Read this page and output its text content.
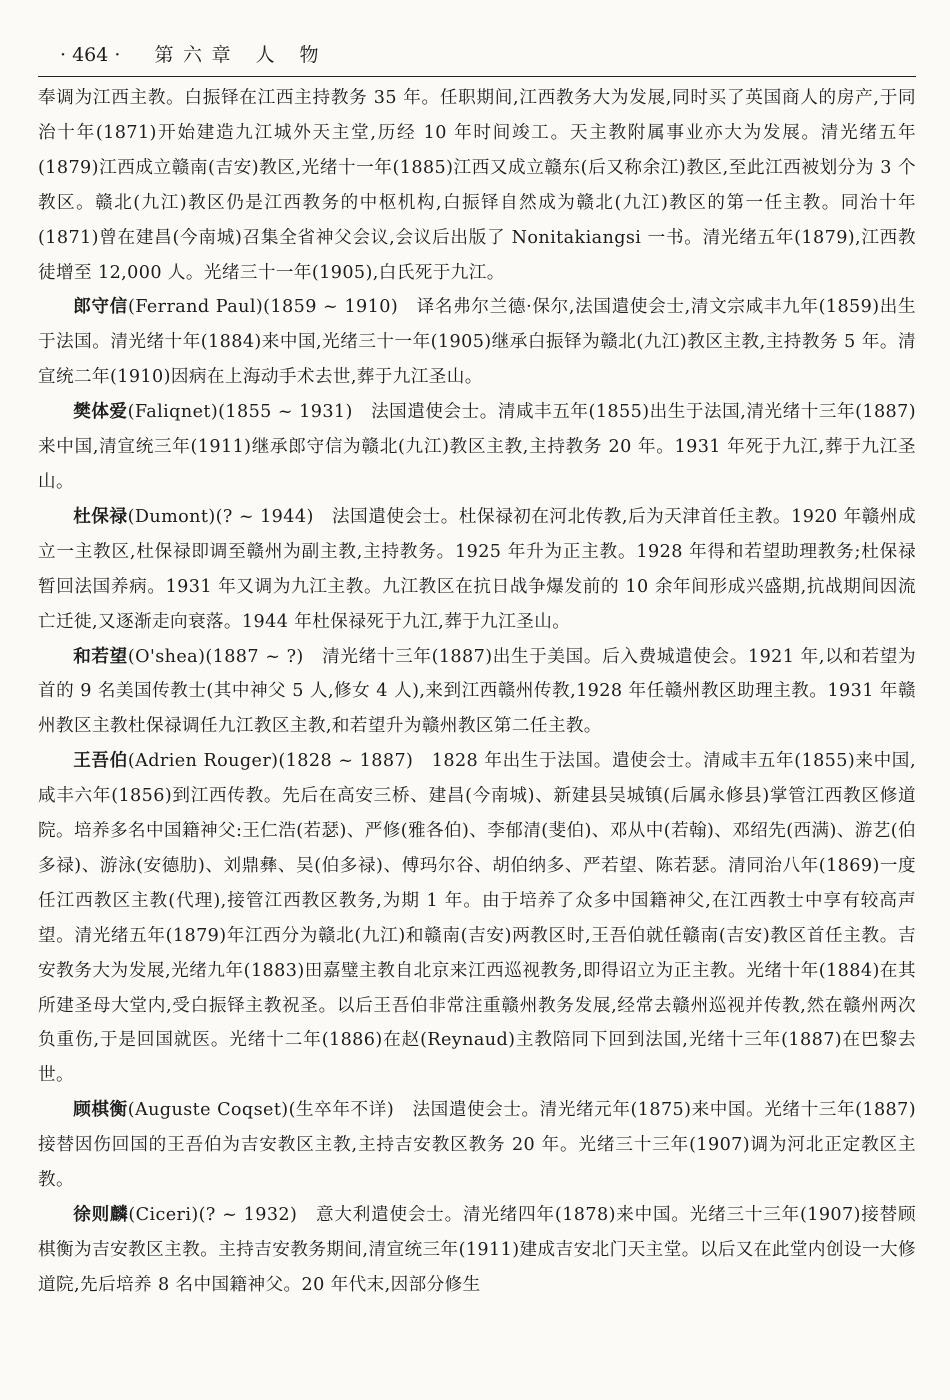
· 464 · 第六章 人 物

奉调为江西主教。白振铎在江西主持教务 35 年。任职期间,江西教务大为发展,同时买了英国商人的房产,于同治十年(1871)开始建造九江城外天主堂,历经 10 年时间竣工。天主教附属事业亦大为发展。清光绪五年(1879)江西成立赣南(吉安)教区,光绪十一年(1885)江西又成立赣东(后又称余江)教区,至此江西被划分为 3 个教区。赣北(九江)教区仍是江西教务的中枢机构,白振铎自然成为赣北(九江)教区的第一任主教。同治十年(1871)曾在建昌(今南城)召集全省神父会议,会议后出版了 Nonitakiangsi 一书。清光绪五年(1879),江西教徒增至 12,000 人。光绪三十一年(1905),白氏死于九江。

郎守信(Ferrand Paul)(1859 ~ 1910)　 译名弗尔兰德·保尔,法国遣使会士,清文宗咸丰九年(1859)出生于法国。清光绪十年(1884)来中国,光绪三十一年(1905)继承白振铎为赣北(九江)教区主教,主持教务 5 年。清宣统二年(1910)因病在上海动手术去世,葬于九江圣山。

樊体爱(Faliqnet)(1855 ~ 1931)　 法国遣使会士。清咸丰五年(1855)出生于法国,清光绪十三年(1887)来中国,清宣统三年(1911)继承郎守信为赣北(九江)教区主教,主持教务 20 年。1931 年死于九江,葬于九江圣山。

杜保禄(Dumont)(? ~ 1944)　 法国遣使会士。杜保禄初在河北传教,后为天津首任主教。1920 年赣州成立一主教区,杜保禄即调至赣州为副主教,主持教务。1925 年升为正主教。1928 年得和若望助理教务;杜保禄暂回法国养病。1931 年又调为九江主教。九江教区在抗日战争爆发前的 10 余年间形成兴盛期,抗战期间因流亡迁徙,又逐渐走向衰落。1944 年杜保禄死于九江,葬于九江圣山。

和若望(O'shea)(1887 ~ ?)　 清光绪十三年(1887)出生于美国。后入费城遣使会。1921 年,以和若望为首的 9 名美国传教士(其中神父 5 人,修女 4 人),来到江西赣州传教,1928 年任赣州教区助理主教。1931 年赣州教区主教杜保禄调任九江教区主教,和若望升为赣州教区第二任主教。

王吾伯(Adrien Rouger)(1828 ~ 1887)　 1828 年出生于法国。遣使会士。清咸丰五年(1855)来中国,咸丰六年(1856)到江西传教。先后在高安三桥、建昌(今南城)、新建县吴城镇(后属永修县)掌管江西教区修道院。培养多名中国籍神父:王仁浩(若瑟)、严修(雅各伯)、李郁清(斐伯)、邓从中(若翰)、邓绍先(西满)、游艺(伯多禄)、游泳(安德肋)、刘鼎彝、吴(伯多禄)、傅玛尔谷、胡伯纳多、严若望、陈若瑟。清同治八年(1869)一度任江西教区主教(代理),接管江西教区教务,为期 1 年。由于培养了众多中国籍神父,在江西教士中享有较高声望。清光绪五年(1879)年江西分为赣北(九江)和赣南(吉安)两教区时,王吾伯就任赣南(吉安)教区首任主教。吉安教务大为发展,光绪九年(1883)田嘉璧主教自北京来江西巡视教务,即得诏立为正主教。光绪十年(1884)在其所建圣母大堂内,受白振铎主教祝圣。以后王吾伯非常注重赣州教务发展,经常去赣州巡视并传教,然在赣州两次负重伤,于是回国就医。光绪十二年(1886)在赵(Reynaud)主教陪同下回到法国,光绪十三年(1887)在巴黎去世。

顾棋衡(Auguste Coqset)(生卒年不详)　 法国遣使会士。清光绪元年(1875)来中国。光绪十三年(1887)接替因伤回国的王吾伯为吉安教区主教,主持吉安教区教务 20 年。光绪三十三年(1907)调为河北正定教区主教。

徐则麟(Ciceri)(? ~ 1932)　 意大利遣使会士。清光绪四年(1878)来中国。光绪三十三年(1907)接替顾棋衡为吉安教区主教。主持吉安教务期间,清宣统三年(1911)建成吉安北门天主堂。以后又在此堂内创设一大修道院,先后培养 8 名中国籍神父。20 年代末,因部分修生
